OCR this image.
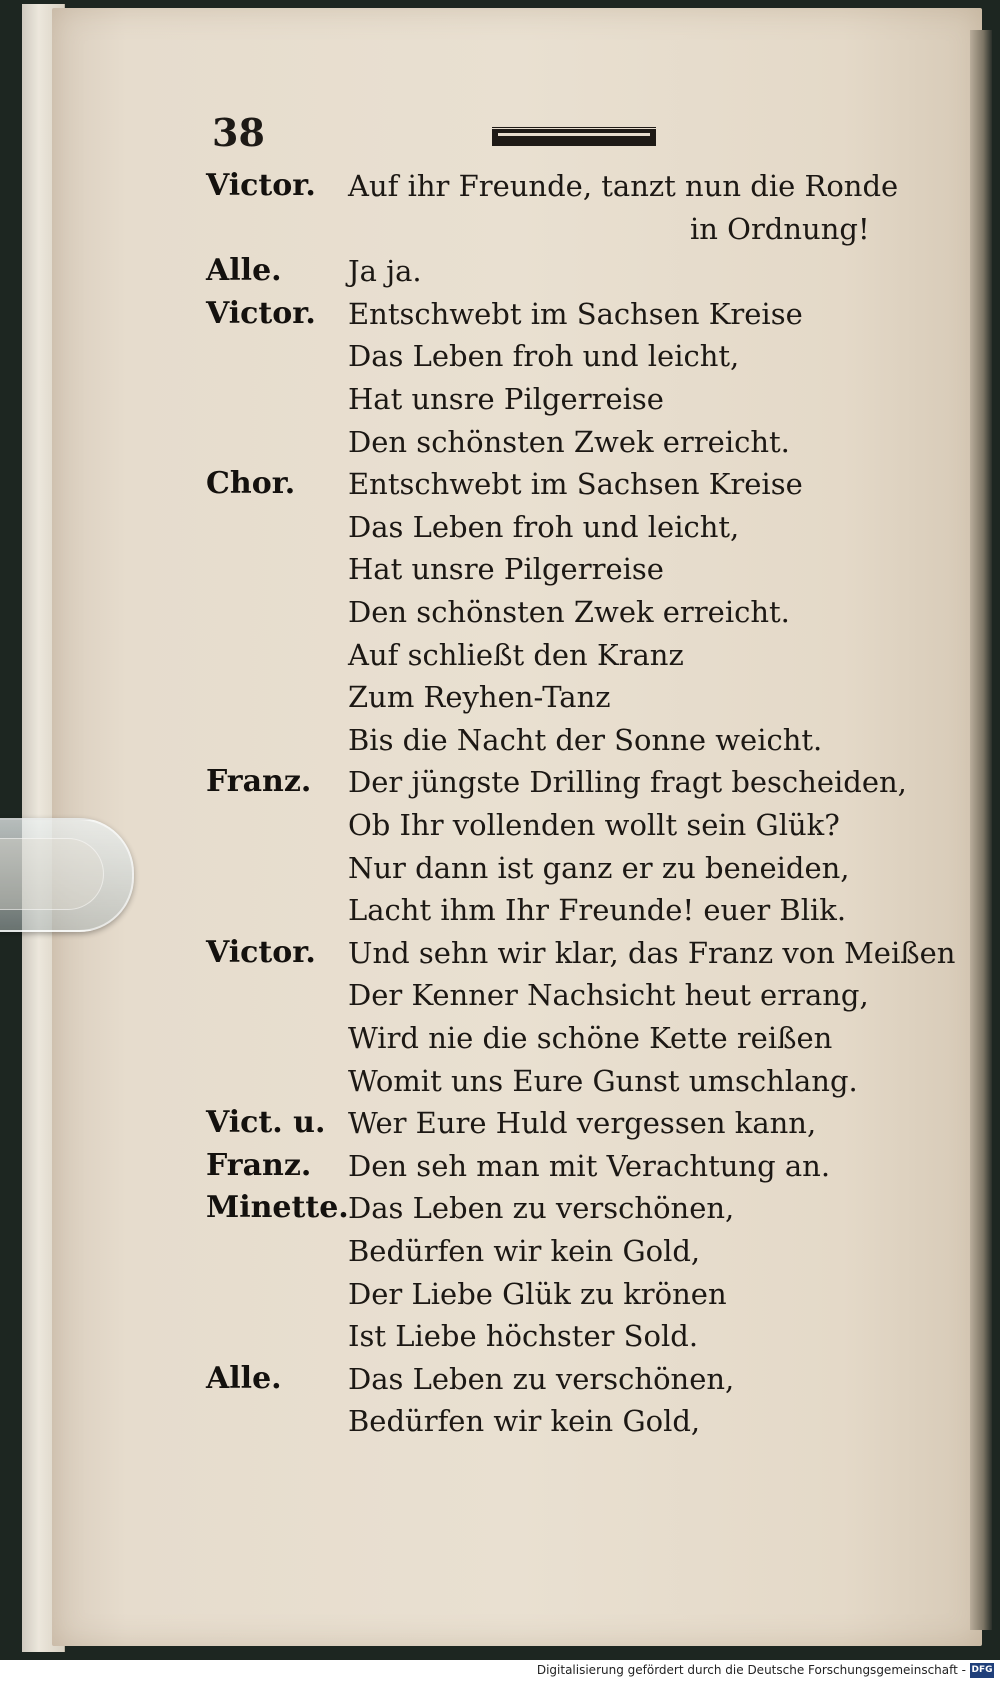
38
Victor. Auf ihr Freunde, tanzt nun die Ronde
in Ordnung!
Alle. Ja ja.
Victor. Entschwebt im Sachsen Kreise
Das Leben froh und leicht,
Hat unsre Pilgerreise
Den schönsten Zwek erreicht.
Chor. Entschwebt im Sachsen Kreise
Das Leben froh und leicht,
Hat unsre Pilgerreise
Den schönsten Zwek erreicht.
Auf schließt den Kranz
Zum Reyhen-Tanz
Bis die Nacht der Sonne weicht.
Franz. Der jüngste Drilling fragt bescheiden,
Ob Ihr vollenden wollt sein Glük?
Nur dann ist ganz er zu beneiden,
Lacht ihm Ihr Freunde! euer Blik.
Victor. Und sehn wir klar, das Franz von Meißen
Der Kenner Nachsicht heut errang,
Wird nie die schöne Kette reißen
Womit uns Eure Gunst umschlang.
Vict. u. Wer Eure Huld vergessen kann,
Franz. Den seh man mit Verachtung an.
Minette. Das Leben zu verschönen,
Bedürfen wir kein Gold,
Der Liebe Glük zu krönen
Ist Liebe höchster Sold.
Alle. Das Leben zu verschönen,
Bedürfen wir kein Gold,
Digitalisierung gefördert durch die Deutsche Forschungsgemeinschaft - DFG
